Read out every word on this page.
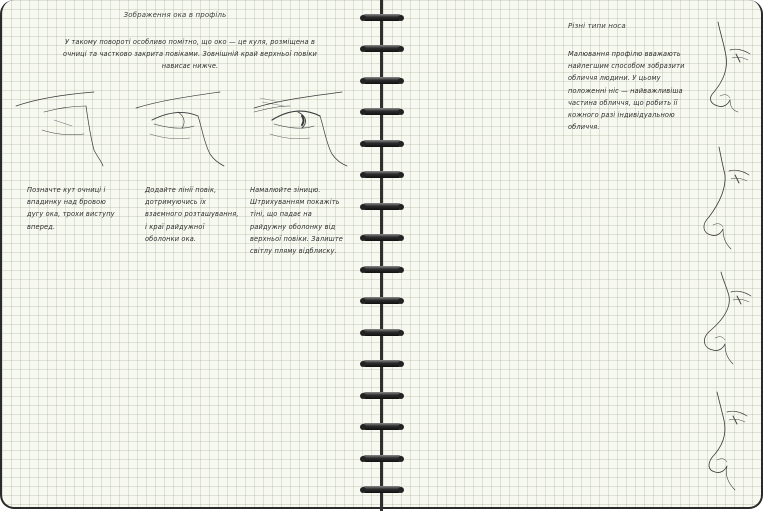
Зображення ока в профіль

У такому повороті особливо помітно, що око — це куля, розміщена в очниці та частково закрита повіками. Зовнішній край верхньої повіки нависає нижче.

Позначте кут очниці і впадинку над бровою дугу ока, трохи виступу вперед.

Додайте лінії повік, дотримуючись їх взаємного розташування, і краї райдужної оболонки ока.

Намалюйте зіницю. Штрихуванням покажіть тіні, що падає на райдужну оболонку від верхньої повіки. Залиште світлу пляму відблиску.

Різні типи носа

Малювання профілю вважають найлегшим способом зобразити обличчя людини. У цьому положенні ніс — найважливіша частина обличчя, що робить її кожного разі індивідуальною обличчя.
